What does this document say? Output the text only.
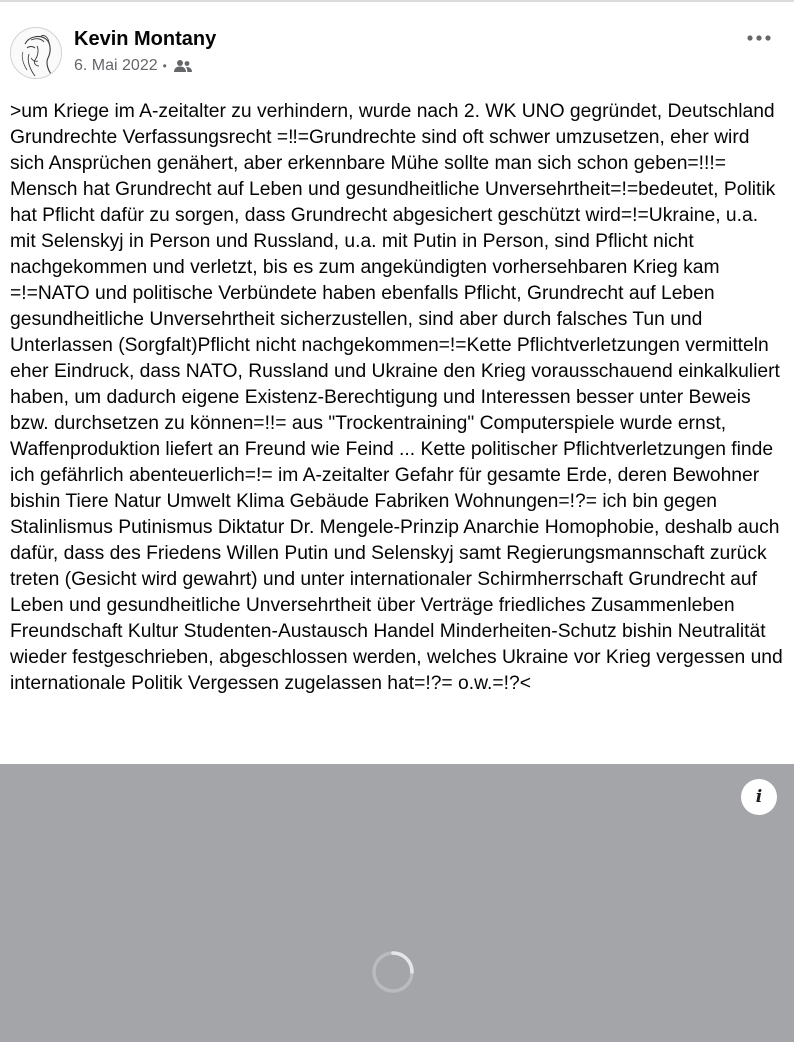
Kevin Montany
6. Mai 2022 •
>um Kriege im A-zeitalter zu verhindern, wurde nach 2. WK UNO gegründet, Deutschland Grundrechte Verfassungsrecht =‼=Grundrechte sind oft schwer umzusetzen, eher wird sich Ansprüchen genähert, aber erkennbare Mühe sollte man sich schon geben=!!!= Mensch hat Grundrecht auf Leben und gesundheitliche Unversehrtheit=!=bedeutet, Politik hat Pflicht dafür zu sorgen, dass Grundrecht abgesichert geschützt wird=!=Ukraine, u.a. mit Selenskyj in Person und Russland, u.a. mit Putin in Person, sind Pflicht nicht nachgekommen und verletzt, bis es zum angekündigten vorhersehbaren Krieg kam =!=NATO und politische Verbündete haben ebenfalls Pflicht, Grundrecht auf Leben gesundheitliche Unversehrtheit sicherzustellen, sind aber durch falsches Tun und Unterlassen (Sorgfalt)Pflicht nicht nachgekommen=!=Kette Pflichtverletzungen vermitteln eher Eindruck, dass NATO, Russland und Ukraine den Krieg vorausschauend einkalkuliert haben, um dadurch eigene Existenz-Berechtigung und Interessen besser unter Beweis bzw. durchsetzen zu können=!!= aus "Trockentraining" Computerspiele wurde ernst, Waffenproduktion liefert an Freund wie Feind ... Kette politischer Pflichtverletzungen finde ich gefährlich abenteuerlich=!= im A-zeitalter Gefahr für gesamte Erde, deren Bewohner bishin Tiere Natur Umwelt Klima Gebäude Fabriken Wohnungen=!?= ich bin gegen Stalinlismus Putinismus Diktatur Dr. Mengele-Prinzip Anarchie Homophobie, deshalb auch dafür, dass des Friedens Willen Putin und Selenskyj samt Regierungsmannschaft zurück treten (Gesicht wird gewahrt) und unter internationaler Schirmherrschaft Grundrecht auf Leben und gesundheitliche Unversehrtheit über Verträge friedliches Zusammenleben Freundschaft Kultur Studenten-Austausch Handel Minderheiten-Schutz bishin Neutralität wieder festgeschrieben, abgeschlossen werden, welches Ukraine vor Krieg vergessen und internationale Politik Vergessen zugelassen hat=!?= o.w.=!?<
i
